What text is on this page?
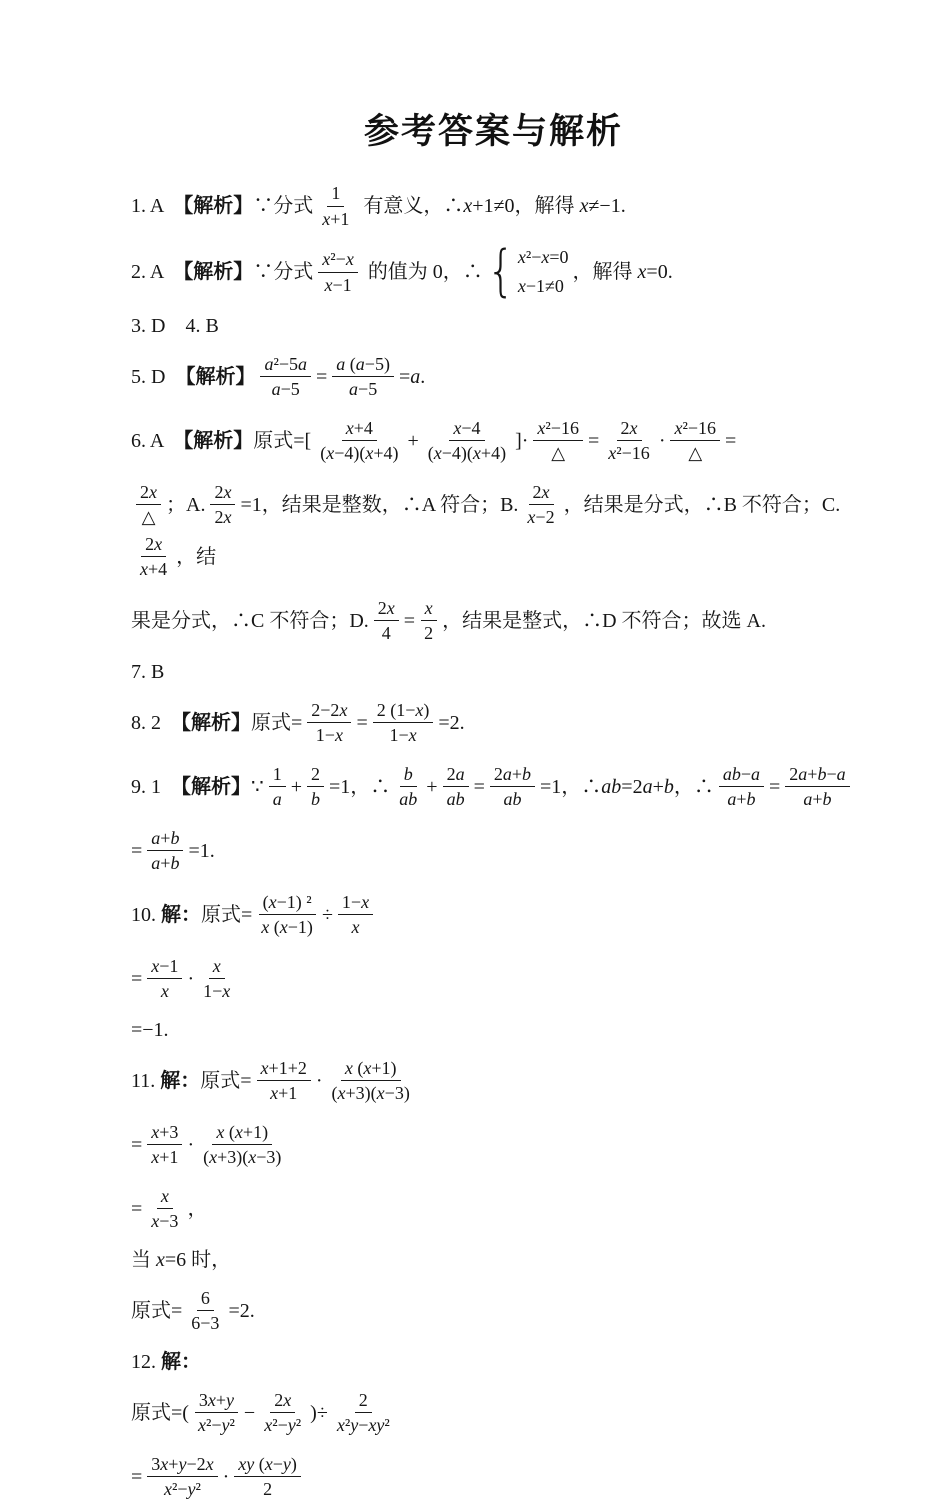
参考答案与解析
1. A 【解析】 ∵分式 $\frac{1}{x+1}$ 有意义，∴x+1≠0，解得 x≠−1.
2. A 【解析】 ∵分式 $\frac{\text{x²−x}}{x-1}$ 的值为 0，∴ { x²−x=0
x−1≠0
，解得 x=0.
3. D    4. B
5. D 【解析】 $\frac{\text{a²−5a}}{a-5} = \frac{a (a-5)}{a-5} =a$.
6. A 【解析】 原式=[ $\frac{x+4}{(x-4)(x+4)} + \frac{x-4}{(x-4)(x+4)}$ ]· $\frac{\text{x²−16}}{\triangle} = \frac{2x}{\text{x²−16}} \cdot \frac{\text{x²−16}}{\triangle}$ =
$\frac{2x}{\triangle}$ ；A. $\frac{2x}{2x} =1$，结果是整数，∴A 符合；B. $\frac{2x}{x-2}$ ，结果是分式，∴B 不符合；C.
$\frac{2x}{x+4}$ ，结
果是分式，∴C 不符合；D. $\frac{2x}{4} = \frac{x}{2}$ ，结果是整式，∴D 不符合；故选 A.
7. B
8. 2 【解析】 原式= $\frac{2-2x}{1-x} = \frac{2 (1-x)}{1-x} =2$.
9. 1 【解析】 ∵ $\frac{1}{a} + \frac{2}{b} =1$，∴ $\frac{b}{ab} + \frac{2a}{ab} = \frac{2a+b}{ab} =1$，∴ab=2a+b，∴ $\frac{ab-a}{a+b} = \frac{2a+b-a}{a+b}$
= $\frac{a+b}{a+b} =1$.
10. 解： 原式= $\frac{\text{(x−1) ²}}{x (x-1)} \div \frac{1-x}{x}$
= $\frac{x-1}{x} \cdot \frac{x}{1-x}$
=−1.
11. 解： 原式= $\frac{x+1+2}{x+1} \cdot \frac{x (x+1)}{(x+3)(x-3)}$
= $\frac{x+3}{x+1} \cdot \frac{x (x+1)}{(x+3)(x-3)}$
= $\frac{x}{x-3}$ ，
当 x=6 时，
原式= $\frac{6}{6-3} =2$.
12. 解：
原式=( $\frac{3x+y}{\text{x²−y²}} - \frac{2x}{\text{x²−y²}}$ )÷ $\frac{2}{\text{x²y−xy²}}$
= $\frac{3x+y-2x}{\text{x²−y²}} \cdot \frac{xy (x-y)}{2}$
